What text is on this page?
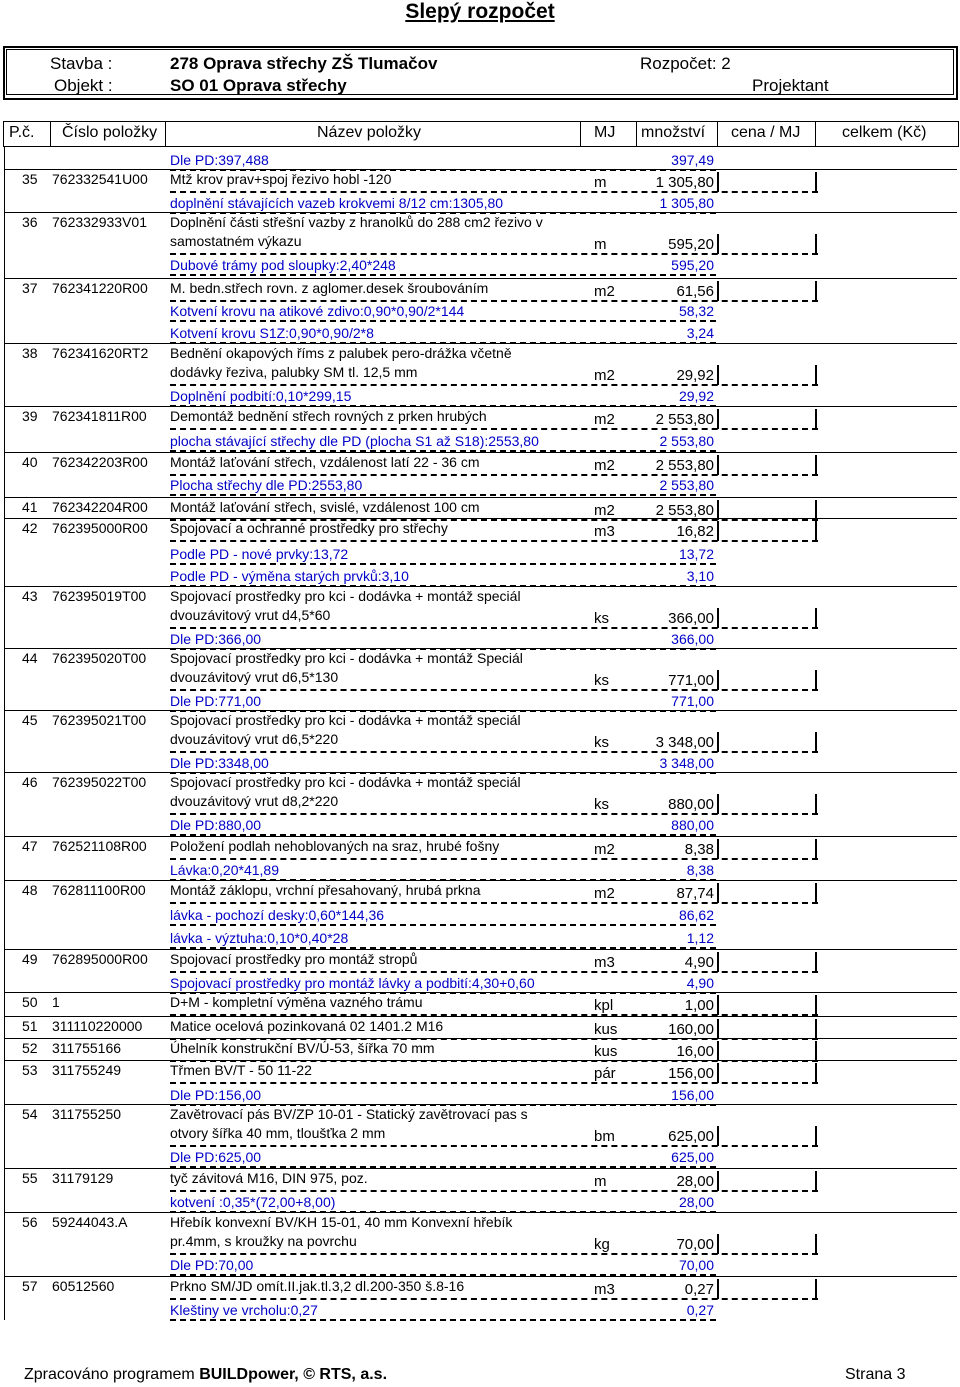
Slepý rozpočet
Stavba :	278 Oprava střechy ZŠ Tlumačov
Objekt :	SO 01 Oprava střechy
Rozpočet: 2
Projektant
P.č. Číslo položky	Název položky	MJ množství cena / MJ	celkem (Kč)
Dle PD:397,488	397,49
35 762332541U00 Mtž krov prav+spoj řezivo hobl -120	m	1 305,80
doplnění stávajících vazeb krokvemi 8/12 cm:1305,80	1 305,80
36 762332933V01 Doplnění části střešní vazby z hranolků do 288 cm2 řezivo v
samostatném výkazu	m	595,20
Dubové trámy pod sloupky:2,40*248	595,20
37 762341220R00 M. bedn.střech rovn. z aglomer.desek šroubováním	m2	61,56
Kotvení krovu na atikové zdivo:0,90*0,90/2*144	58,32
Kotvení krovu S1Z:0,90*0,90/2*8	3,24
38 762341620RT2 Bednění okapových říms z palubek pero-drážka včetně
dodávky řeziva, palubky SM tl. 12,5 mm	m2	29,92
Doplnění podbití:0,10*299,15	29,92
39 762341811R00 Demontáž bednění střech rovných z prken hrubých	m2	2 553,80
plocha stávající střechy dle PD (plocha S1 až S18):2553,80	2 553,80
40 762342203R00 Montáž laťování střech, vzdálenost latí 22 - 36 cm	m2	2 553,80
Plocha střechy dle PD:2553,80	2 553,80
41 762342204R00 Montáž laťování střech, svislé, vzdálenost 100 cm	m2	2 553,80
42 762395000R00 Spojovací a ochranné prostředky pro střechy	m3	16,82
Podle PD - nové prvky:13,72	13,72
Podle PD - výměna starých prvků:3,10	3,10
43 762395019T00 Spojovací prostředky pro kci - dodávka + montáž speciál
dvouzávitový vrut d4,5*60	ks	366,00
Dle PD:366,00	366,00
44 762395020T00 Spojovací prostředky pro kci - dodávka + montáž Speciál
dvouzávitový vrut d6,5*130	ks	771,00
Dle PD:771,00	771,00
45 762395021T00 Spojovací prostředky pro kci - dodávka + montáž speciál
dvouzávitový vrut d6,5*220	ks	3 348,00
Dle PD:3348,00	3 348,00
46 762395022T00 Spojovací prostředky pro kci - dodávka + montáž speciál
dvouzávitový vrut d8,2*220	ks	880,00
Dle PD:880,00	880,00
47 762521108R00 Položení podlah nehoblovaných na sraz, hrubé fošny	m2	8,38
Lávka:0,20*41,89	8,38
48 762811100R00 Montáž záklopu, vrchní přesahovaný, hrubá prkna	m2	87,74
lávka - pochozí desky:0,60*144,36	86,62
lávka - výztuha:0,10*0,40*28	1,12
49 762895000R00 Spojovací prostředky pro montáž stropů	m3	4,90
Spojovací prostředky pro montáž lávky a podbití:4,30+0,60	4,90
50 1	D+M - kompletní výměna vazného trámu	kpl	1,00
51 311110220000 Matice ocelová pozinkovaná 02 1401.2 M16	kus	160,00
52 311755166	Úhelník konstrukční BV/Ú-53, šířka 70 mm	kus	16,00
53 311755249	Třmen BV/T - 50 11-22	pár	156,00
Dle PD:156,00	156,00
54 311755250	Zavětrovací pás BV/ZP 10-01 - Statický zavětrovací pas s
otvory šířka 40 mm, tloušťka 2 mm	bm	625,00
Dle PD:625,00	625,00
55 31179129	tyč závitová M16, DIN 975, poz.	m	28,00
kotvení :0,35*(72,00+8,00)	28,00
56 59244043.A	Hřebík konvexní BV/KH 15-01, 40 mm Konvexní hřebík
pr.4mm, s kroužky na povrchu	kg	70,00
Dle PD:70,00	70,00
57 60512560	Prkno SM/JD omít.II.jak.tl.3,2 dl.200-350 š.8-16	m3	0,27
Kleštiny ve vrcholu:0,27	0,27
Zpracováno programem BUILDpower, © RTS, a.s.	Strana 3
